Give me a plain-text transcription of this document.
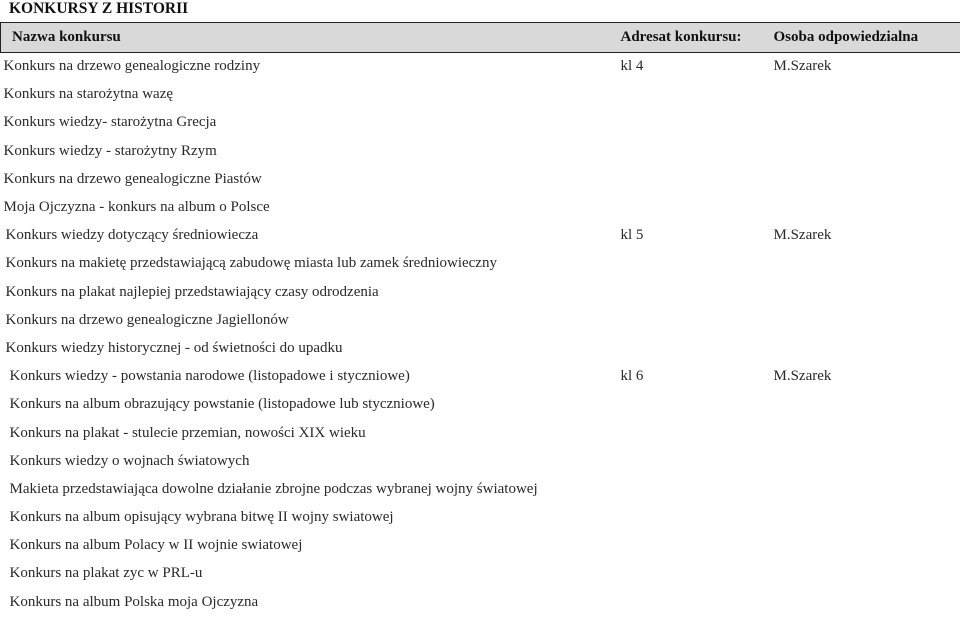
KONKURSY Z HISTORII
Nazwa konkursu	Adresat konkursu:	Osoba odpowiedzialna
Konkurs na drzewo genealogiczne rodziny	kl 4	M.Szarek
Konkurs na starożytna wazę		
Konkurs wiedzy- starożytna Grecja		
Konkurs wiedzy - starożytny Rzym		
Konkurs na drzewo genealogiczne Piastów		
Moja Ojczyzna - konkurs na album o Polsce		
Konkurs wiedzy dotyczący średniowiecza	kl 5	M.Szarek
Konkurs na makietę przedstawiającą zabudowę miasta lub zamek średniowieczny		
Konkurs na plakat najlepiej przedstawiający czasy odrodzenia		
Konkurs na drzewo genealogiczne Jagiellonów		
Konkurs wiedzy historycznej - od świetności do upadku		
Konkurs wiedzy - powstania narodowe (listopadowe i styczniowe)	kl 6	M.Szarek
Konkurs na album obrazujący powstanie (listopadowe lub styczniowe)		
Konkurs na plakat - stulecie przemian, nowości XIX wieku		
Konkurs wiedzy o wojnach światowych		
Makieta przedstawiająca dowolne działanie zbrojne podczas wybranej wojny światowej		
Konkurs na album opisujący wybrana bitwę II wojny swiatowej		
Konkurs na album Polacy w II wojnie swiatowej		
Konkurs na plakat zyc w PRL-u		
Konkurs na album Polska moja Ojczyzna		
